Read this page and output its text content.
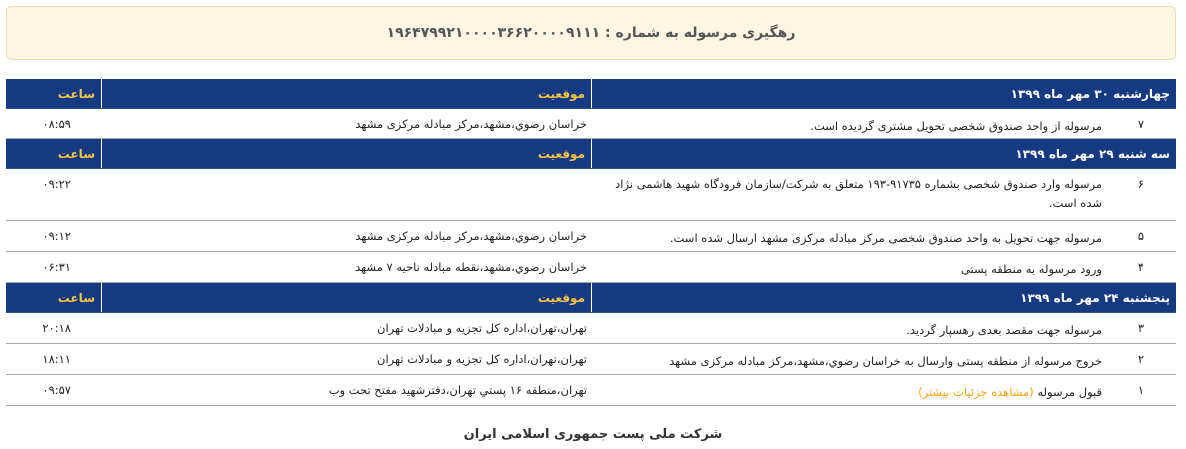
رهگیری مرسوله به شماره : ۱۹۶۴۷۹۹۲۱۰۰۰۰۳۶۶۲۰۰۰۰۹۱۱۱
چهارشنبه ۳۰ مهر ماه ۱۳۹۹
موقعیت
ساعت
۷
مرسوله از واحد صندوق شخصی تحویل مشتری گردیده است.
خراسان رضوي،مشهد،مرکز مبادله مرکزی مشهد
۰۸:۵۹
سه شنبه ۲۹ مهر ماه ۱۳۹۹
موقعیت
ساعت
۶
مرسوله وارد صندوق شخصی بشماره ۹۱۷۳۵-۱۹۳ متعلق به شرکت/سازمان فرودگاه شهید هاشمی نژاد شده است.
۰۹:۲۲
۵
مرسوله جهت تحویل به واحد صندوق شخصی مرکز مبادله مرکزی مشهد ارسال شده است.
خراسان رضوي،مشهد،مرکز مبادله مرکزی مشهد
۰۹:۱۲
۴
ورود مرسوله به منطقه پستی
خراسان رضوي،مشهد،نقطه مبادله ناحیه ۷ مشهد
۰۶:۳۱
پنجشنبه ۲۴ مهر ماه ۱۳۹۹
موقعیت
ساعت
۳
مرسوله جهت مقصد بعدی رهسپار گردید.
تهران،تهران،اداره کل تجزیه و مبادلات تهران
۲۰:۱۸
۲
خروج مرسوله از منطقه پستی وارسال به خراسان رضوي،مشهد،مرکز مبادله مرکزی مشهد
تهران،تهران،اداره کل تجزیه و مبادلات تهران
۱۸:۱۱
۱
قبول مرسوله (مشاهده جزئیات بیشتر)
تهران،منطقه ۱۶ پستي تهران،دفترشهید مفتح تحت وب
۰۹:۵۷
شرکت ملی پست جمهوری اسلامی ایران
